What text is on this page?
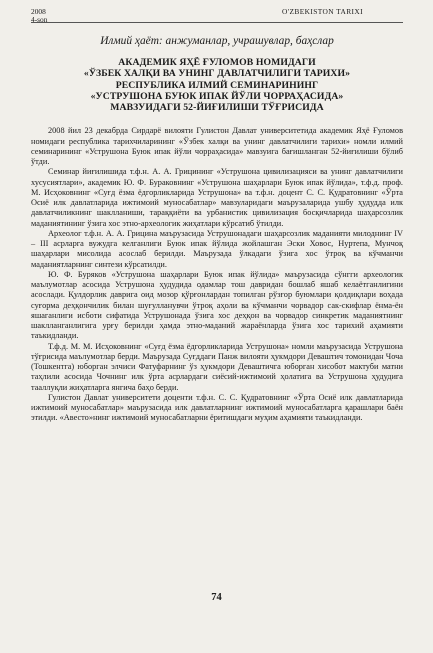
2008
4-son
O'ZBEKISTON TARIXI
Илмий ҳаёт: анжуманлар, учрашувлар, баҳслар
АКАДЕМИК ЯҲЁ ҒУЛОМОВ НОМИДАГИ
«ЎЗБЕК ХАЛҚИ ВА УНИНГ ДАВЛАТЧИЛИГИ ТАРИХИ»
РЕСПУБЛИКА ИЛМИЙ СЕМИНАРИНИНГ
«УСТРУШОНА БУЮК ИПАК ЙЎЛИ ЧОРРАҲАСИДА»
МАВЗУИДАГИ 52-ЙИҒИЛИШИ ТЎҒРИСИДА

2008 йил 23 декабрда Сирдарё вилояти Гулистон Давлат университетида академик Яҳё Ғуломов номидаги республика тарихчиларининг «Ўзбек халқи ва унинг давлатчилиги тарихи» номли илмий семинарининг «Уструшона Буюк ипак йўли чорраҳасида» мавзуига бағишланган 52-йиғилиши бўлиб ўтди.

Семинар йиғилишида т.ф.н. А. А. Грицининг «Уструшона цивилизацияси ва унинг давлатчилиги хусусиятлари», академик Ю. Ф. Бураковнинг «Уструшона шаҳарлари Буюк ипак йўлида», т.ф.д. проф. М. Исҳоковнинг «Суғд ёзма ёдгорликларида Уструшона» ва т.ф.н. доцент С. С. Қудратовнинг «Ўрта Осиё илк давлатларида ижтимоий муносабатлар» мавзуларидаги маърузаларида ушбу ҳудудда илк давлатчиликнинг шаклланиши, тараққиёти ва урбанистик цивилизация босқичларида шаҳарсозлик маданиятининг ўзига хос этно-археологик жиҳатлари кўрсатиб ўтилди.

Археолог т.ф.н. А. А. Грицина маърузасида Уструшонадаги шаҳарсозлик маданияти милоднинг IV – III асрларга вужудга келганлиги Буюк ипак йўлида жойлашган Эски Ховос, Нуртепа, Мунчоқ шаҳарлари мисолида асослаб берилди. Маърузада ўлкадаги ўзига хос ўтроқ ва кўчманчи маданиятларнинг синтези кўрсатилди.

Ю. Ф. Буряков «Уструшона шаҳарлари Буюк ипак йўлида» маърузасида сўнгги археологик маълумотлар асосида Уструшона ҳудудида одамлар тош давридан бошлаб яшаб келаётганлигини асослади. Қулдорлик даврига оид мозор қўрғонлардан топилган рўзғор буюмлари қолдиқлари воҳада суғорма деҳқончилик билан шуғулланувчи ўтроқ аҳоли ва кўчманчи чорвадор сак-скифлар ёнма-ён яшаганлиги исботи сифатида Уструшонада ўзига хос деҳқон ва чорвадор синкретик маданиятнинг шаклланганлигига урғу берилди ҳамда этно-маданий жараёнларда ўзига хос тарихий аҳамияти таъкидланди.

Т.ф.д. М. М. Исҳоковнинг «Суғд ёзма ёдгорликларида Уструшона» номли маърузасида Уструшона тўғрисида маълумотлар берди. Маърузада Суғддаги Панж вилояти ҳукмдори Деваштич томонидан Чоча (Тошкентга) юборган элчиси Фатуфарнинг ўз ҳукмдори Деваштичга юборган хисобот мактуби матни таҳлили асосида Чочнинг илк ўрта асрлардаги сиёсий-ижтимоий ҳолатига ва Уструшона ҳудудига тааллуқли жиҳатларга янгича баҳо берди.

Гулистон Давлат университети доценти т.ф.н. С. С. Қудратовнинг «Ўрта Осиё илк давлатларида ижтимоий муносабатлар» маърузасида илк давлатларнинг ижтимоий муносабатларга қарашлари баён этилди. «Авесто»нинг ижтимоий муносабатларни ёритишдаги муҳим аҳамияти таъкидланди.

74
